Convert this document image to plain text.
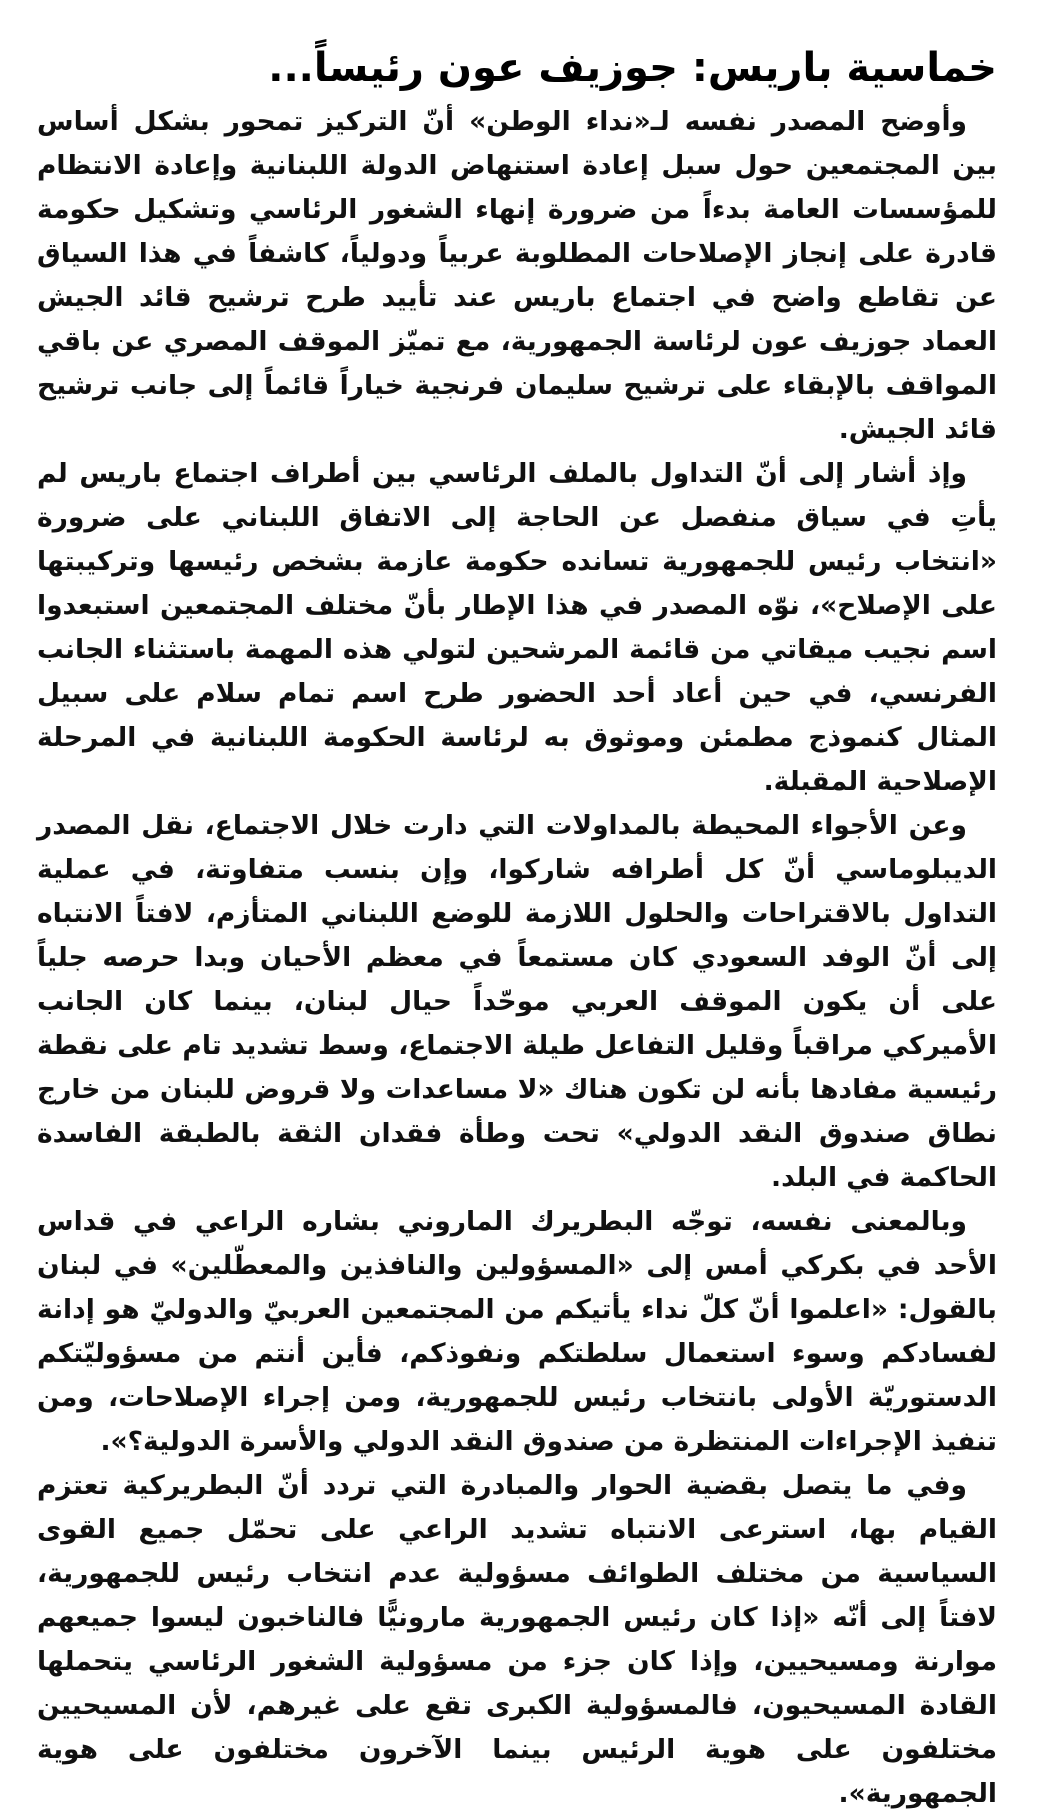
خماسية باريس: جوزيف عون رئيساً...

وأوضح المصدر نفسه لـ«نداء الوطن» أنّ التركيز تمحور بشكل أساس بين المجتمعين حول سبل إعادة استنهاض الدولة اللبنانية وإعادة الانتظام للمؤسسات العامة بدءاً من ضرورة إنهاء الشغور الرئاسي وتشكيل حكومة قادرة على إنجاز الإصلاحات المطلوبة عربياً ودولياً، كاشفاً في هذا السياق عن تقاطع واضح في اجتماع باريس عند تأييد طرح ترشيح قائد الجيش العماد جوزيف عون لرئاسة الجمهورية، مع تميّز الموقف المصري عن باقي المواقف بالإبقاء على ترشيح سليمان فرنجية خياراً قائماً إلى جانب ترشيح قائد الجيش.

وإذ أشار إلى أنّ التداول بالملف الرئاسي بين أطراف اجتماع باريس لم يأتِ في سياق منفصل عن الحاجة إلى الاتفاق اللبناني على ضرورة «انتخاب رئيس للجمهورية تسانده حكومة عازمة بشخص رئيسها وتركيبتها على الإصلاح»، نوّه المصدر في هذا الإطار بأنّ مختلف المجتمعين استبعدوا اسم نجيب ميقاتي من قائمة المرشحين لتولي هذه المهمة باستثناء الجانب الفرنسي، في حين أعاد أحد الحضور طرح اسم تمام سلام على سبيل المثال كنموذج مطمئن وموثوق به لرئاسة الحكومة اللبنانية في المرحلة الإصلاحية المقبلة.

وعن الأجواء المحيطة بالمداولات التي دارت خلال الاجتماع، نقل المصدر الديبلوماسي أنّ كل أطرافه شاركوا، وإن بنسب متفاوتة، في عملية التداول بالاقتراحات والحلول اللازمة للوضع اللبناني المتأزم، لافتاً الانتباه إلى أنّ الوفد السعودي كان مستمعاً في معظم الأحيان وبدا حرصه جلياً على أن يكون الموقف العربي موحّداً حيال لبنان، بينما كان الجانب الأميركي مراقباً وقليل التفاعل طيلة الاجتماع، وسط تشديد تام على نقطة رئيسية مفادها بأنه لن تكون هناك «لا مساعدات ولا قروض للبنان من خارج نطاق صندوق النقد الدولي» تحت وطأة فقدان الثقة بالطبقة الفاسدة الحاكمة في البلد.

وبالمعنى نفسه، توجّه البطريرك الماروني بشاره الراعي في قداس الأحد في بكركي أمس إلى «المسؤولين والنافذين والمعطّلين» في لبنان بالقول: «اعلموا أنّ كلّ نداء يأتيكم من المجتمعين العربيّ والدوليّ هو إدانة لفسادكم وسوء استعمال سلطتكم ونفوذكم، فأين أنتم من مسؤوليّتكم الدستوريّة الأولى بانتخاب رئيس للجمهورية، ومن إجراء الإصلاحات، ومن تنفيذ الإجراءات المنتظرة من صندوق النقد الدولي والأسرة الدولية؟».

وفي ما يتصل بقضية الحوار والمبادرة التي تردد أنّ البطريركية تعتزم القيام بها، استرعى الانتباه تشديد الراعي على تحمّل جميع القوى السياسية من مختلف الطوائف مسؤولية عدم انتخاب رئيس للجمهورية، لافتاً إلى أنّه «إذا كان رئيس الجمهورية مارونيًّا فالناخبون ليسوا جميعهم موارنة ومسيحيين، وإذا كان جزء من مسؤولية الشغور الرئاسي يتحملها القادة المسيحيون، فالمسؤولية الكبرى تقع على غيرهم، لأن المسيحيين مختلفون على هوية الرئيس بينما الآخرون مختلفون على هوية الجمهورية».
